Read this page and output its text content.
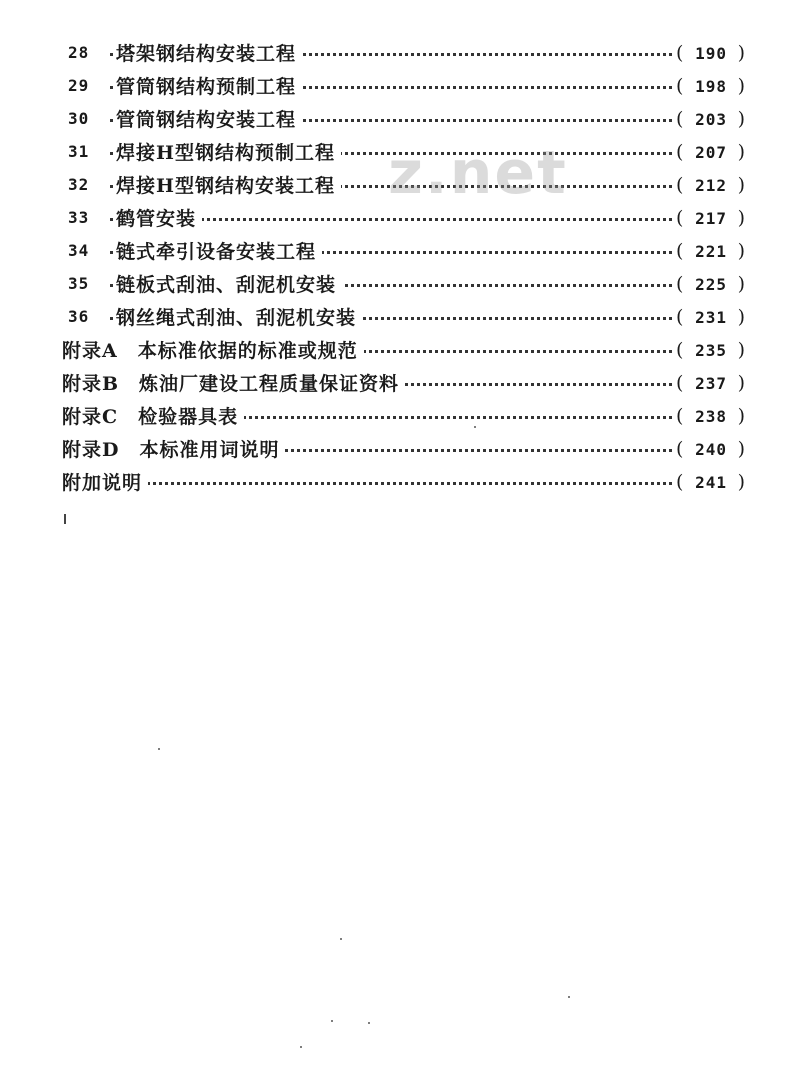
28	塔架钢结构安装工程	( 190 )
29	管筒钢结构预制工程	( 198 )
30	管筒钢结构安装工程	( 203 )
31	焊接H型钢结构预制工程	( 207 )
32	焊接H型钢结构安装工程	( 212 )
33	鹤管安装	( 217 )
34	链式牵引设备安装工程	( 221 )
35	链板式刮油、刮泥机安装	( 225 )
36	钢丝绳式刮油、刮泥机安装	( 231 )
附录A　本标准依据的标准或规范	( 235 )
附录B　炼油厂建设工程质量保证资料	( 237 )
附录C　检验器具表	( 238 )
附录D　本标准用词说明	( 240 )
附加说明	( 241 )
z.net
